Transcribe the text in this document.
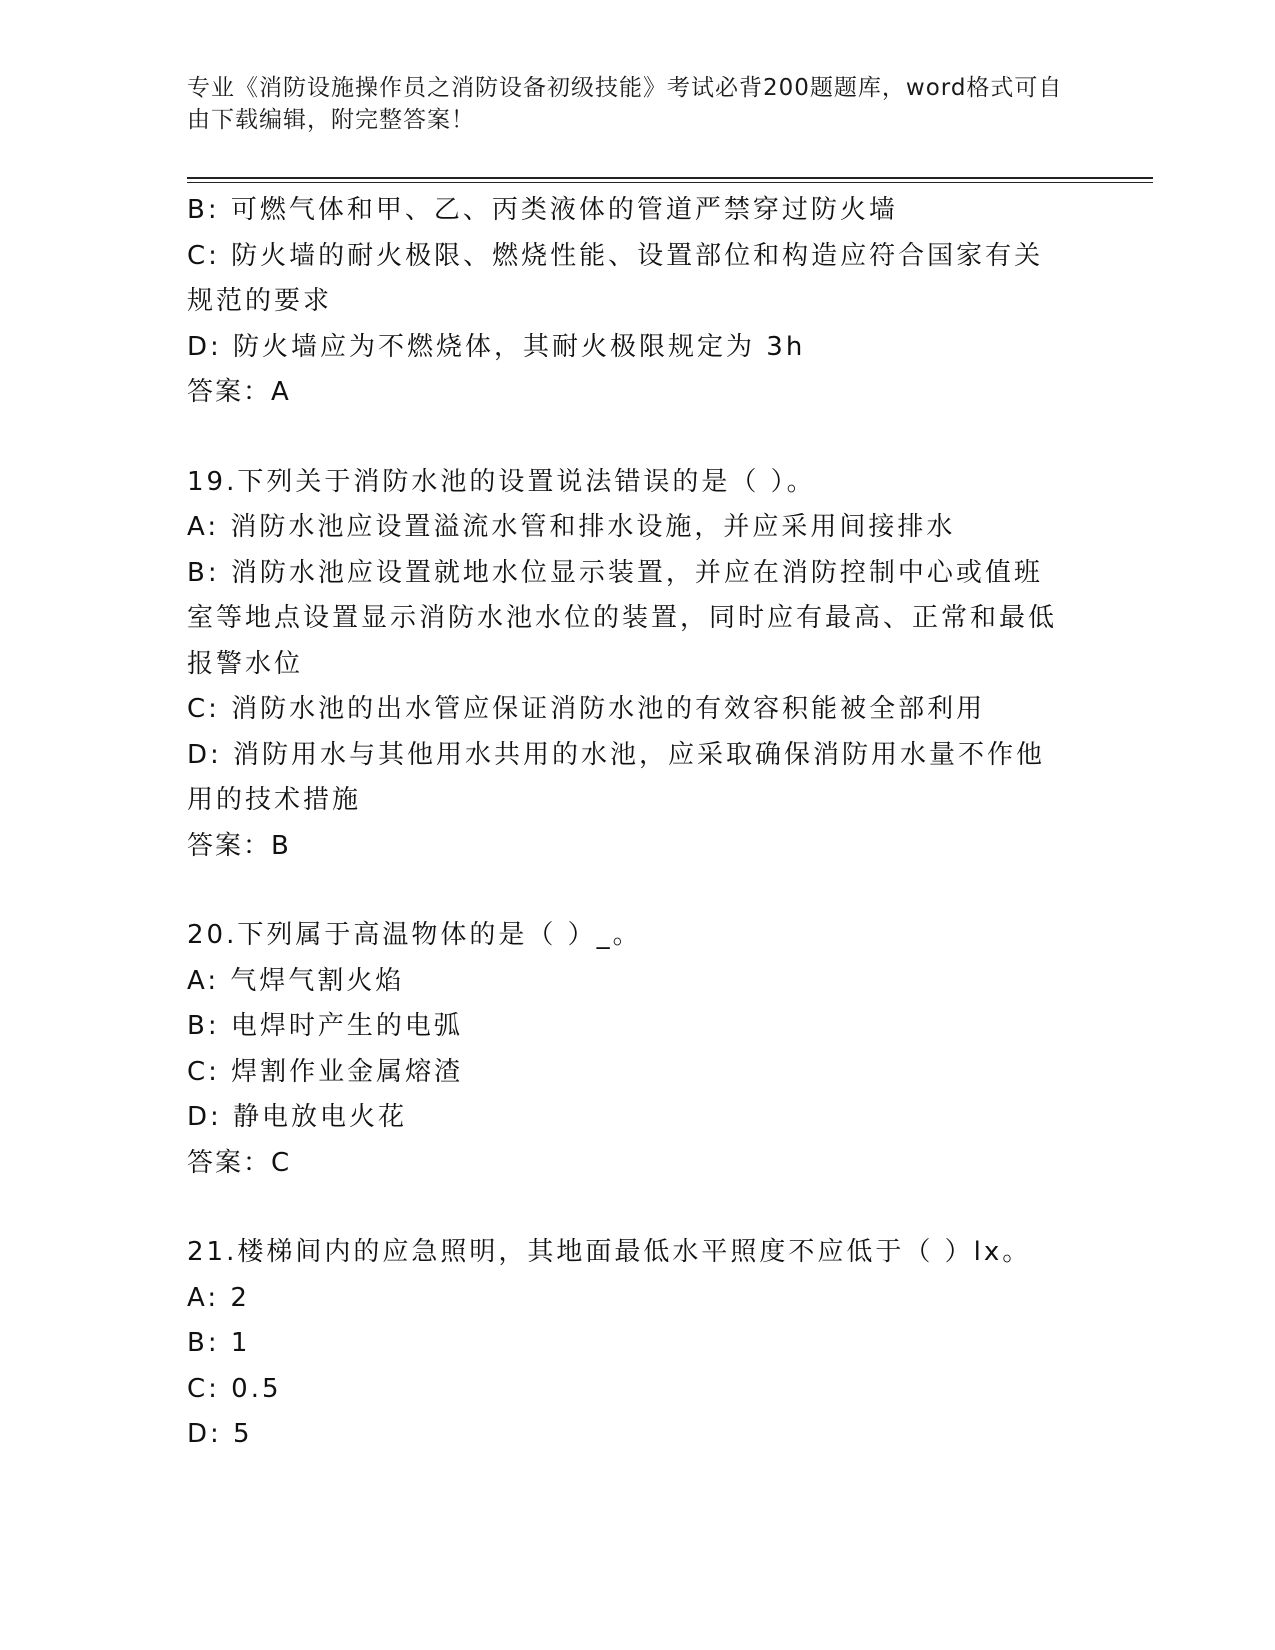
专业《消防设施操作员之消防设备初级技能》考试必背200题题库，word格式可自由下载编辑，附完整答案！
B: 可燃气体和甲、乙、丙类液体的管道严禁穿过防火墙
C: 防火墙的耐火极限、燃烧性能、设置部位和构造应符合国家有关规范的要求
D: 防火墙应为不燃烧体，其耐火极限规定为 3h
答案：A
19.下列关于消防水池的设置说法错误的是（ ）。
A: 消防水池应设置溢流水管和排水设施，并应采用间接排水
B: 消防水池应设置就地水位显示装置，并应在消防控制中心或值班室等地点设置显示消防水池水位的装置，同时应有最高、正常和最低报警水位
C: 消防水池的出水管应保证消防水池的有效容积能被全部利用
D: 消防用水与其他用水共用的水池，应采取确保消防用水量不作他用的技术措施
答案：B
20.下列属于高温物体的是（ ）_。
A: 气焊气割火焰
B: 电焊时产生的电弧
C: 焊割作业金属熔渣
D: 静电放电火花
答案：C
21.楼梯间内的应急照明，其地面最低水平照度不应低于（ ）lx。
A: 2
B: 1
C: 0.5
D: 5
